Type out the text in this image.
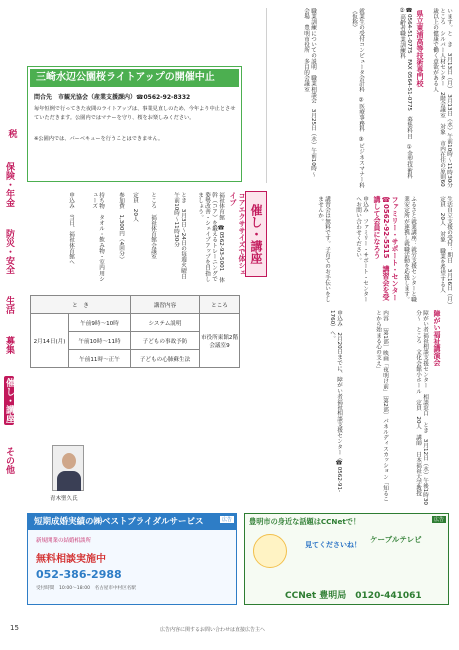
税
保険・年金
防災・安全
生活
募集
催し・講座
その他
三崎水辺公園桜ライトアップの開催中止
問合先　市観光協会（産業支援課内）☎0562-92-8332
毎年恒例で行ってきた夜間のライトアップは、事業見直しのため、今年より中止とさせていただきます。公園内ではマナーを守り、桜をお楽しみください。
※公園内では、バーベキューを行うことはできません。	います。と　き　3月13日（月）　3月13日（水）午前10時～11時30分　ところ　シルバー人材センター　2階会議室　対象　市内在住の原則60歳以上の健康で働く意欲がある人
県立東浦高等技術専門校
☎0564-51-0775　FAX 0564-51-0775　募集科目　①金型技術科　②高齢者職業訓練科
就業生の受付コンピュータ会計科　②医療事務科　③ビジネスマナー科（仮称）
職業訓練についての説明　職業相談会　3月25日（水）午前10時～　会場　豊明市役所　多目的会議室
生活自立支援の受付：期日　3月16日（月）　定員　20人　対象　職業を希望する人
ふるさと就業講座：就労支援センターと職業安定所が連携し就職活動を応援します。
ファミリー・サポート・センター　☎0562-92-5515　講習会を受講して会員になろう
申込み　ファミリー・サポート・センターへお問い合わせください。
講習会は無料です。子育てのお手伝いをしませんか。
障がい福祉講演会
障がい者福祉相談支援センター　相談窓口　とき　3月12日（水）午後1時30分～　ところ　文化会館小ホール　定員　20人　講師　日本福祉大学教授
内容　〔第1部〕映画「夜明け前」〔第2部〕パネルディスカッション「知ることから始まる心の支え」
申込み　2月20日までに、障がい者福祉相談支援センター（☎0562-91-1760）へ。
催し・講座
コアエクササイズで体シェイプ
福祉体育館　☎0562-93-5001　体幹（コア）を鍛えるトレーニングで姿勢改善・シェイプアップを目指しましょう。
とき　3月3日～24日の毎週火曜日　午前10時～11時30分
ところ　福祉体育館会議室
定員　20人
参加費　1,300円（4回分）
持ち物　タオル・飲み物・室内用シューズ
申込み　当日、福祉体育館へ
と　き		講習内容	ところ
2月14日(月)	午前9時～10時	システム説明	市役所東館2階会議室9
	午前10時～11時	子どもの事故予防	
	午前11時～正午	子どもの心肺蘇生法	
青木聖久氏
短期成婚実績の㈱ベストブライダルサービス	広告
新規開業の結婚相談所
無料相談実施中
052-386-2988
受付時間　10:00～18:00　名古屋市中村区名駅
豊明市の身近な話題はCCNetで！	広告
見てくださいね！
ケーブルテレビ
CCNet 豊明局　0120-441061
15	広告内容に関するお問い合わせは直接広告主へ
